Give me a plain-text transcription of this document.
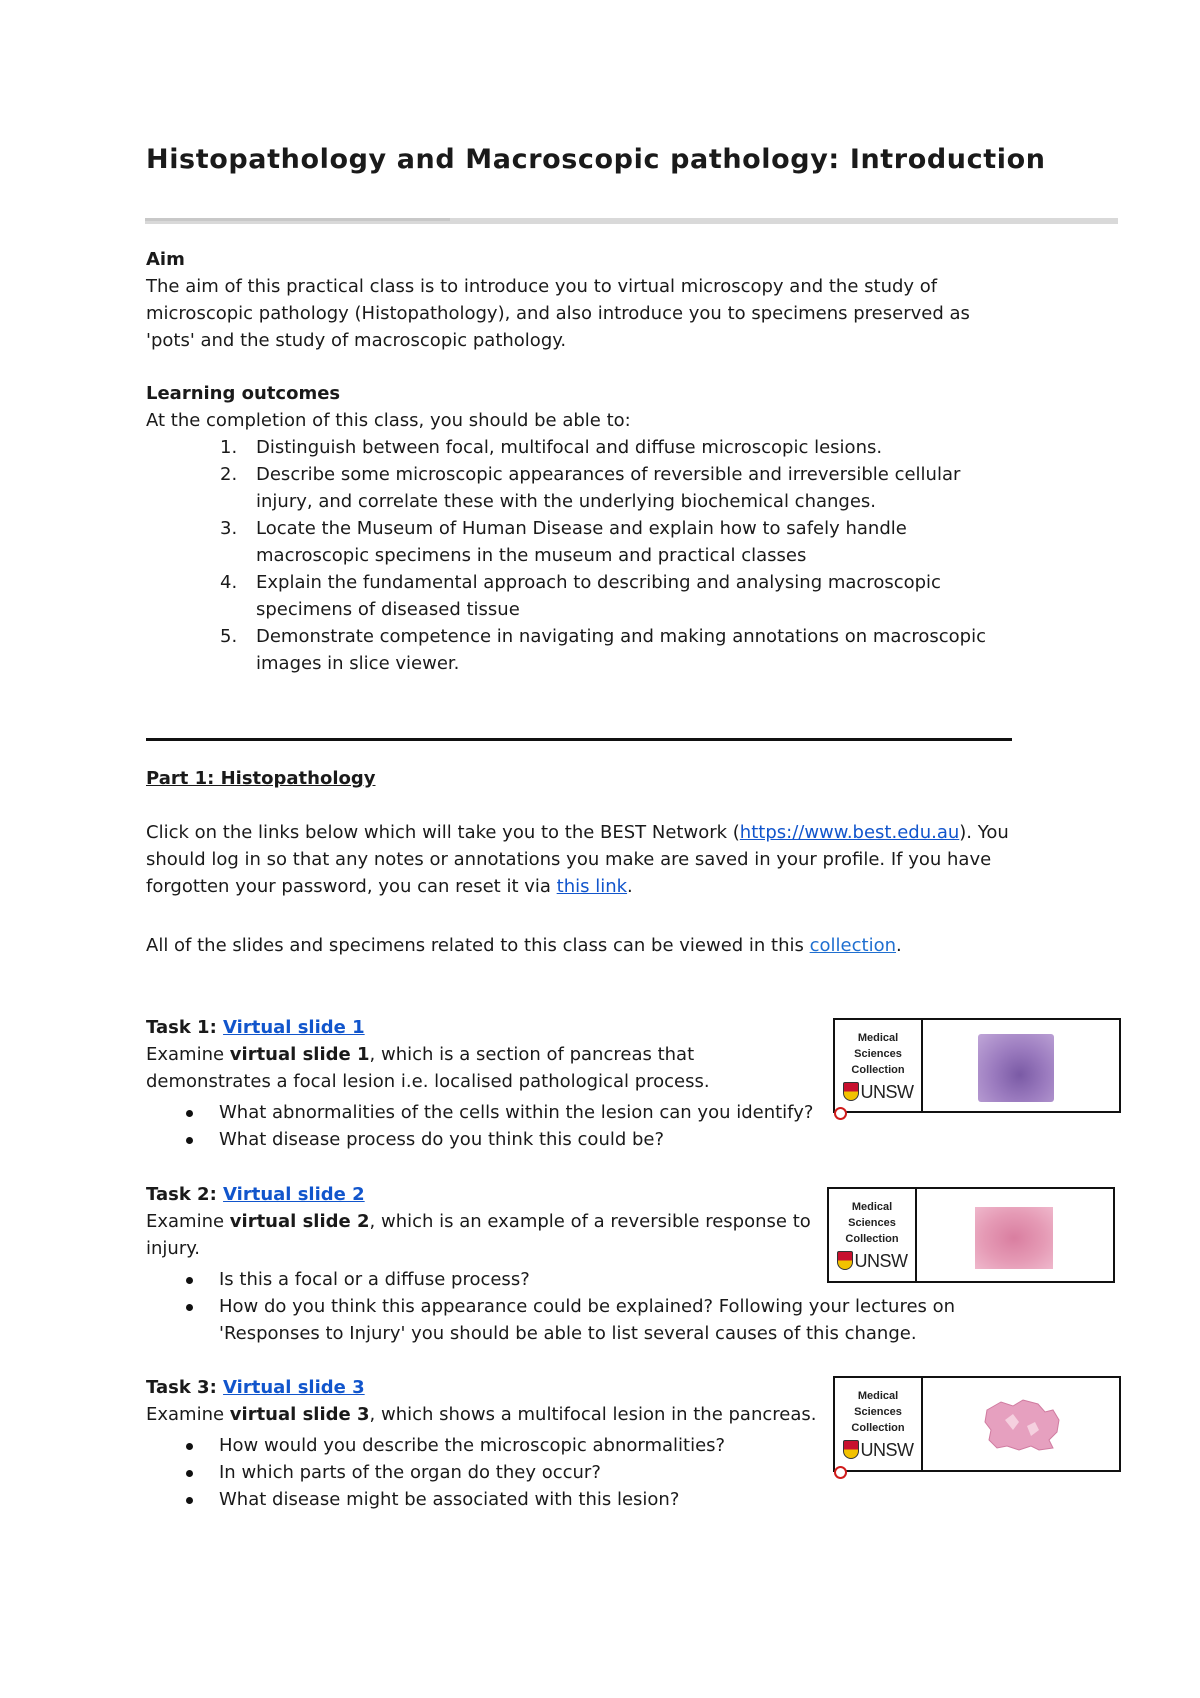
Histopathology and Macroscopic pathology: Introduction

Aim

The aim of this practical class is to introduce you to virtual microscopy and the study of

microscopic pathology (Histopathology), and also introduce you to specimens preserved as

'pots' and the study of macroscopic pathology.

Learning outcomes

At the completion of this class, you should be able to:

1. Distinguish between focal, multifocal and diffuse microscopic lesions.
2. Describe some microscopic appearances of reversible and irreversible cellular injury, and correlate these with the underlying biochemical changes.
3. Locate the Museum of Human Disease and explain how to safely handle macroscopic specimens in the museum and practical classes
4. Explain the fundamental approach to describing and analysing macroscopic specimens of diseased tissue
5. Demonstrate competence in navigating and making annotations on macroscopic images in slice viewer.

Part 1: Histopathology

Click on the links below which will take you to the BEST Network (https://www.best.edu.au). You should log in so that any notes or annotations you make are saved in your profile. If you have forgotten your password, you can reset it via this link.

All of the slides and specimens related to this class can be viewed in this collection.

Task 1: Virtual slide 1

Examine virtual slide 1, which is a section of pancreas that demonstrates a focal lesion i.e. localised pathological process.

What abnormalities of the cells within the lesion can you identify?
What disease process do you think this could be?
Medical
Sciences
Collection
UNSW

Task 2: Virtual slide 2

Examine virtual slide 2, which is an example of a reversible response to injury.

Is this a focal or a diffuse process?
How do you think this appearance could be explained? Following your lectures on 'Responses to Injury' you should be able to list several causes of this change.
Medical
Sciences
Collection
UNSW

Task 3: Virtual slide 3

Examine virtual slide 3, which shows a multifocal lesion in the pancreas.

How would you describe the microscopic abnormalities?
In which parts of the organ do they occur?
What disease might be associated with this lesion?
Medical
Sciences
Collection
UNSW
